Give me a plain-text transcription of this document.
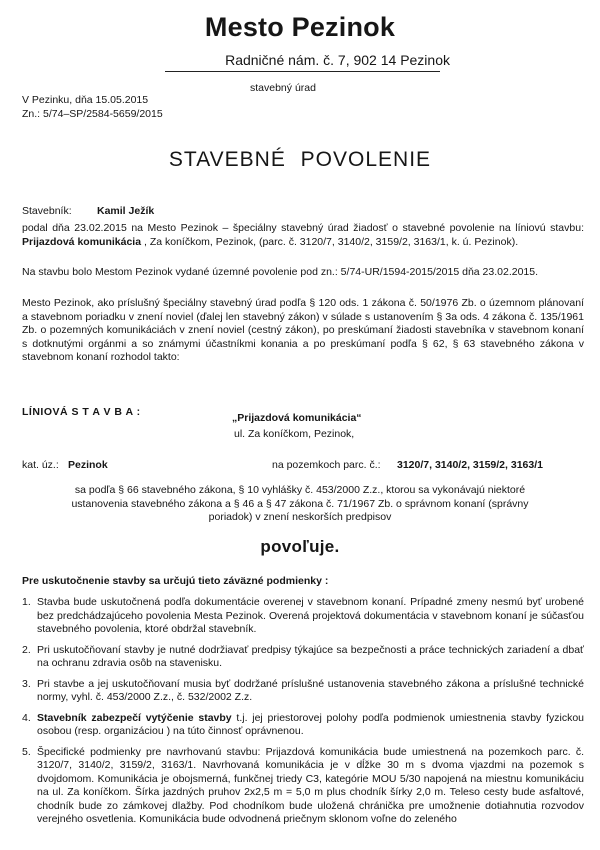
Mesto Pezinok
Radničné nám. č. 7, 902 14 Pezinok
stavebný úrad
V Pezinku, dňa 15.05.2015
Zn.: 5/74–SP/2584-5659/2015
STAVEBNÉ POVOLENIE
Stavebník: Kamil Ježík
podal dňa 23.02.2015 na Mesto Pezinok – špeciálny stavebný úrad žiadosť o stavebné povolenie na líniovú stavbu: Prijazdová komunikácia , Za koníčkom, Pezinok, (parc. č. 3120/7, 3140/2, 3159/2, 3163/1, k. ú. Pezinok).
Na stavbu bolo Mestom Pezinok vydané územné povolenie pod zn.: 5/74-UR/1594-2015/2015 dňa 23.02.2015.
Mesto Pezinok, ako príslušný špeciálny stavebný úrad podľa § 120 ods. 1 zákona č. 50/1976 Zb. o územnom plánovaní a stavebnom poriadku v znení noviel (ďalej len stavebný zákon) v súlade s ustanovením § 3a ods. 4 zákona č. 135/1961 Zb. o pozemných komunikáciách v znení noviel (cestný zákon), po preskúmaní žiadosti stavebníka v stavebnom konaní s dotknutými orgánmi a so známymi účastníkmi konania a po preskúmaní podľa § 62, § 63 stavebného zákona v stavebnom konaní rozhodol takto:
LÍNIOVÁ S T A V B A :	„Prijazdová komunikácia“
ul. Za koníčkom, Pezinok,
kat. úz.: Pezinok	na pozemkoch parc. č.: 3120/7, 3140/2, 3159/2, 3163/1
sa podľa § 66 stavebného zákona, § 10 vyhlášky č. 453/2000 Z.z., ktorou sa vykonávajú niektoré ustanovenia stavebného zákona a § 46 a § 47 zákona č. 71/1967 Zb. o správnom konaní (správny poriadok) v znení neskorších predpisov
povoľuje.
Pre uskutočnenie stavby sa určujú tieto záväzné podmienky :
1. Stavba bude uskutočnená podľa dokumentácie overenej v stavebnom konaní. Prípadné zmeny nesmú byť urobené bez predchádzajúceho povolenia Mesta Pezinok. Overená projektová dokumentácia v stavebnom konaní je súčasťou stavebného povolenia, ktoré obdržal stavebník.
2. Pri uskutočňovaní stavby je nutné dodržiavať predpisy týkajúce sa bezpečnosti a práce technických zariadení a dbať na ochranu zdravia osôb na stavenisku.
3. Pri stavbe a jej uskutočňovaní musia byť dodržané príslušné ustanovenia stavebného zákona a príslušné technické normy, vyhl. č. 453/2000 Z.z., č. 532/2002 Z.z.
4. Stavebník zabezpečí vytýčenie stavby t.j. jej priestorovej polohy podľa podmienok umiestnenia stavby fyzickou osobou (resp. organizáciou ) na túto činnosť oprávnenou.
5. Špecifické podmienky pre navrhovanú stavbu: Prijazdová komunikácia bude umiestnená na pozemkoch parc. č. 3120/7, 3140/2, 3159/2, 3163/1. Navrhovaná komunikácia je v dĺžke 30 m s dvoma vjazdmi na pozemok s dvojdomom. Komunikácia je obojsmerná, funkčnej triedy C3, kategórie MOU 5/30 napojená na miestnu komunikáciu na ul. Za koníčkom. Šírka jazdných pruhov 2x2,5 m = 5,0 m plus chodník šírky 2,0 m. Teleso cesty bude asfaltové, chodník bude zo zámkovej dlažby. Pod chodníkom bude uložená chránička pre umožnenie dotiahnutia rozvodov verejného osvetlenia. Komunikácia bude odvodnená priečnym sklonom voľne do zeleného
